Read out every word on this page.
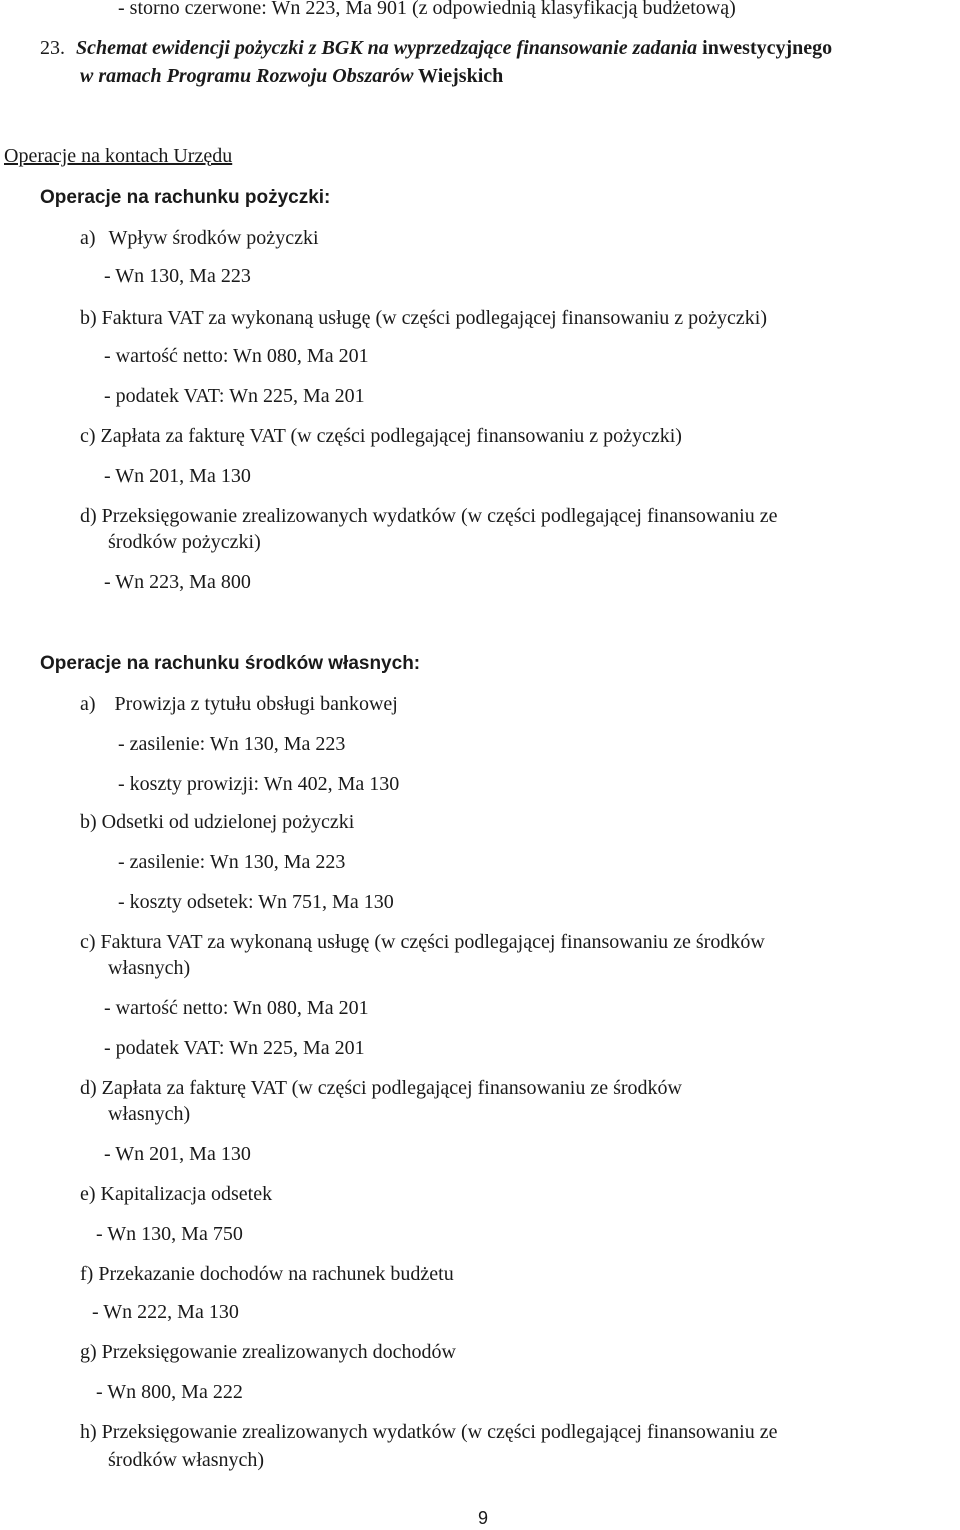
- storno czerwone: Wn 223, Ma 901 (z odpowiednią klasyfikacją budżetową)
23. Schemat ewidencji pożyczki z BGK na wyprzedzające finansowanie zadania inwestycyjnego
w ramach Programu Rozwoju Obszarów Wiejskich
Operacje na kontach Urzędu
Operacje na rachunku pożyczki:
a) Wpływ środków pożyczki
- Wn 130, Ma 223
b) Faktura VAT za wykonaną usługę (w części podlegającej finansowaniu z pożyczki)
- wartość netto: Wn 080, Ma 201
- podatek VAT: Wn 225, Ma 201
c) Zapłata za fakturę VAT (w części podlegającej finansowaniu z pożyczki)
- Wn 201, Ma 130
d) Przeksięgowanie zrealizowanych wydatków (w części podlegającej finansowaniu ze
środków pożyczki)
- Wn 223, Ma 800
Operacje na rachunku środków własnych:
a) Prowizja z tytułu obsługi bankowej
- zasilenie: Wn 130, Ma 223
- koszty prowizji: Wn 402, Ma 130
b) Odsetki od udzielonej pożyczki
- zasilenie: Wn 130, Ma 223
- koszty odsetek: Wn 751, Ma 130
c) Faktura VAT za wykonaną usługę (w części podlegającej finansowaniu ze środków
własnych)
- wartość netto: Wn 080, Ma 201
- podatek VAT: Wn 225, Ma 201
d) Zapłata za fakturę VAT (w części podlegającej finansowaniu ze środków
własnych)
- Wn 201, Ma 130
e) Kapitalizacja odsetek
- Wn 130, Ma 750
f) Przekazanie dochodów na rachunek budżetu
- Wn 222, Ma 130
g) Przeksięgowanie zrealizowanych dochodów
- Wn 800, Ma 222
h) Przeksięgowanie zrealizowanych wydatków (w części podlegającej finansowaniu ze
środków własnych)
9
